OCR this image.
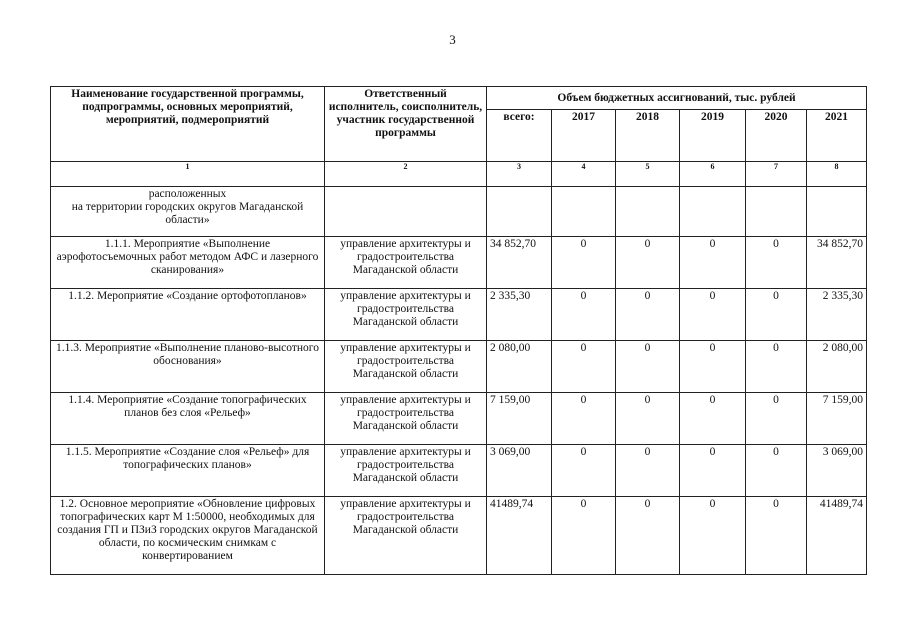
3
Наименование государственной программы, подпрограммы, основных мероприятий, мероприятий, подмероприятий	Ответственный исполнитель, соисполнитель, участник государственной программы	Объем бюджетных ассигнований, тыс. рублей					
		всего:	2017	2018	2019	2020	2021
1	2	3	4	5	6	7	8
расположенных
на территории городских округов Магаданской области»							
1.1.1. Мероприятие «Выполнение аэрофотосъемочных работ методом АФС и лазерного сканирования»	управление архитектуры и градостроительства Магаданской области	34 852,70	0	0	0	0	34 852,70
1.1.2. Мероприятие «Создание ортофотопланов»	управление архитектуры и градостроительства Магаданской области	2 335,30	0	0	0	0	2 335,30
1.1.3. Мероприятие «Выполнение планово-высотного обоснования»	управление архитектуры и градостроительства Магаданской области	2 080,00	0	0	0	0	2 080,00
1.1.4. Мероприятие «Создание топографических планов без слоя «Рельеф»	управление архитектуры и градостроительства Магаданской области	7 159,00	0	0	0	0	7 159,00
1.1.5. Мероприятие «Создание слоя «Рельеф» для топографических планов»	управление архитектуры и градостроительства Магаданской области	3 069,00	0	0	0	0	3 069,00
1.2. Основное мероприятие «Обновление цифровых топографических карт М 1:50000, необходимых для создания ГП и ПЗиЗ городских округов Магаданской области, по космическим снимкам с конвертированием	управление архитектуры и градостроительства Магаданской области	41489,74	0	0	0	0	41489,74
